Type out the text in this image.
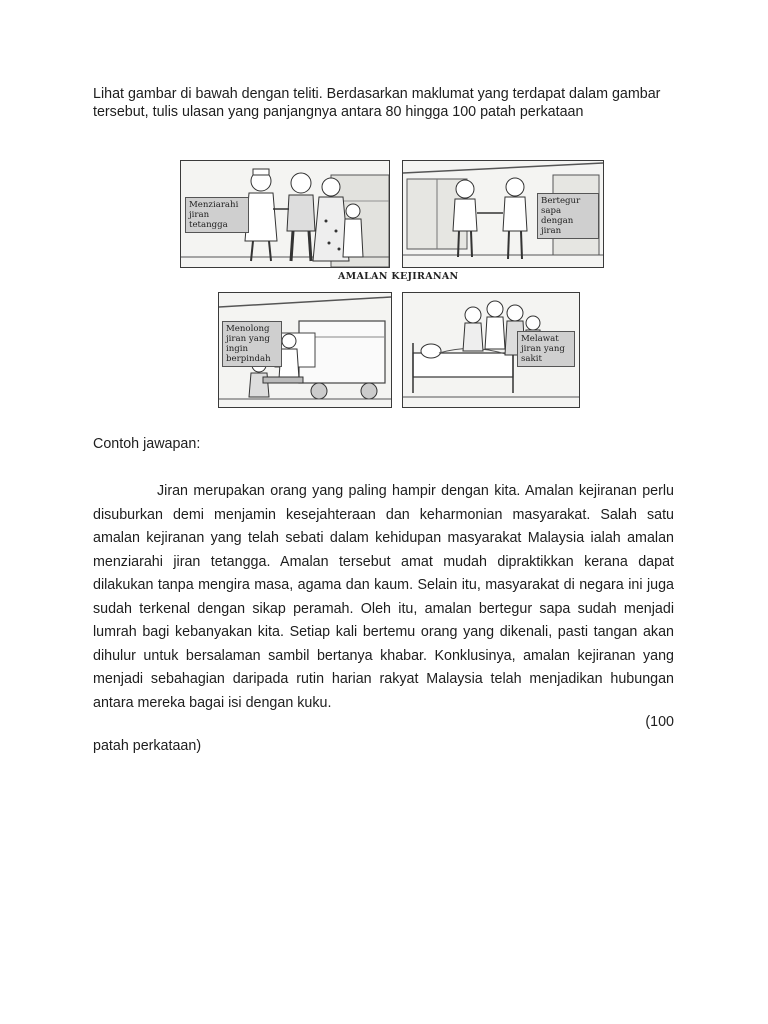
Lihat gambar di bawah dengan teliti. Berdasarkan maklumat yang terdapat dalam gambar tersebut, tulis ulasan yang panjangnya antara 80 hingga 100 patah perkataan

Menziarahi jiran tetangga
Bertegur sapa dengan jiran
AMALAN KEJIRANAN
Menolong jiran yang ingin berpindah
Melawat jiran yang sakit

Contoh jawapan:

Jiran merupakan orang yang paling hampir dengan kita. Amalan kejiranan perlu disuburkan demi menjamin kesejahteraan dan keharmonian masyarakat. Salah satu amalan kejiranan yang telah sebati dalam kehidupan masyarakat Malaysia ialah amalan menziarahi jiran tetangga. Amalan tersebut amat mudah dipraktikkan kerana dapat dilakukan tanpa mengira masa, agama dan kaum. Selain itu, masyarakat di negara ini juga sudah terkenal dengan sikap peramah. Oleh itu, amalan bertegur sapa sudah menjadi lumrah bagi kebanyakan kita. Setiap kali bertemu orang yang dikenali, pasti tangan akan dihulur untuk bersalaman sambil bertanya khabar. Konklusinya, amalan kejiranan yang menjadi sebahagian daripada rutin harian rakyat Malaysia telah menjadikan hubungan antara mereka bagai isi dengan kuku.

(100

patah perkataan)
